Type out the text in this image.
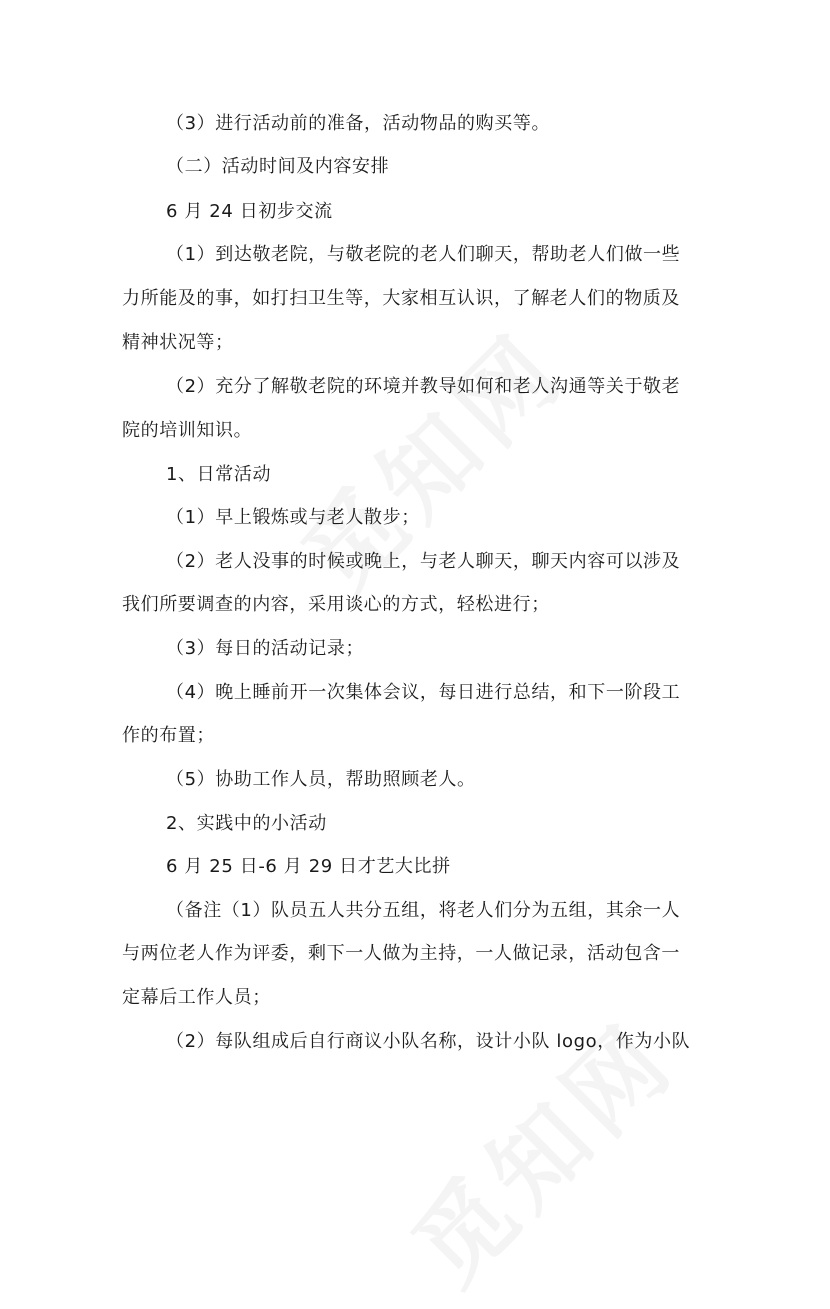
（3）进行活动前的准备，活动物品的购买等。
（二）活动时间及内容安排
6 月 24 日初步交流
（1）到达敬老院，与敬老院的老人们聊天，帮助老人们做一些
力所能及的事，如打扫卫生等，大家相互认识，了解老人们的物质及
精神状况等；
（2）充分了解敬老院的环境并教导如何和老人沟通等关于敬老
院的培训知识。
1、日常活动
（1）早上锻炼或与老人散步；
（2）老人没事的时候或晚上，与老人聊天，聊天内容可以涉及
我们所要调查的内容，采用谈心的方式，轻松进行；
（3）每日的活动记录；
（4）晚上睡前开一次集体会议，每日进行总结，和下一阶段工
作的布置；
（5）协助工作人员，帮助照顾老人。
2、实践中的小活动
6 月 25 日-6 月 29 日才艺大比拼
（备注（1）队员五人共分五组，将老人们分为五组，其余一人
与两位老人作为评委，剩下一人做为主持，一人做记录，活动包含一
定幕后工作人员；
（2）每队组成后自行商议小队名称，设计小队 logo，作为小队
